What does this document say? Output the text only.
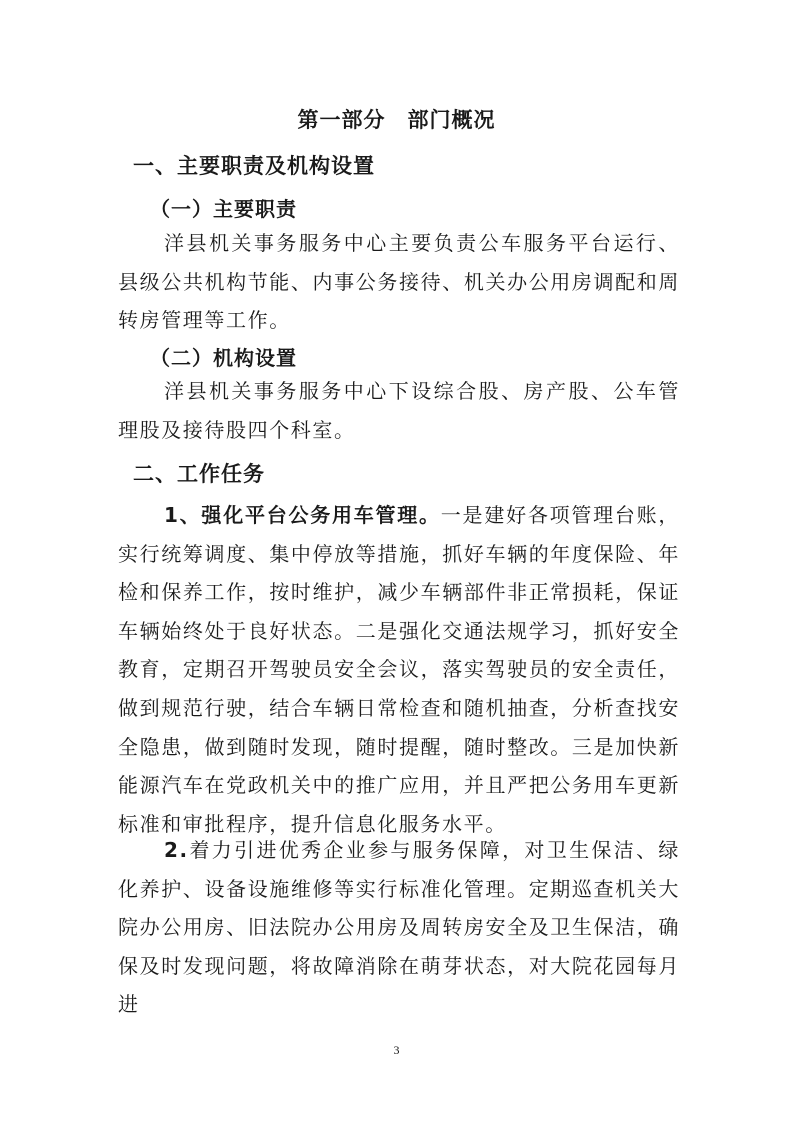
第一部分 部门概况
一、主要职责及机构设置
（一）主要职责
洋县机关事务服务中心主要负责公车服务平台运行、县级公共机构节能、内事公务接待、机关办公用房调配和周转房管理等工作。
（二）机构设置
洋县机关事务服务中心下设综合股、房产股、公车管理股及接待股四个科室。
二、工作任务
1、强化平台公务用车管理。一是建好各项管理台账，实行统筹调度、集中停放等措施，抓好车辆的年度保险、年检和保养工作，按时维护，减少车辆部件非正常损耗，保证车辆始终处于良好状态。二是强化交通法规学习，抓好安全教育，定期召开驾驶员安全会议，落实驾驶员的安全责任，做到规范行驶，结合车辆日常检查和随机抽查，分析查找安全隐患，做到随时发现，随时提醒，随时整改。三是加快新能源汽车在党政机关中的推广应用，并且严把公务用车更新标准和审批程序，提升信息化服务水平。
2.着力引进优秀企业参与服务保障，对卫生保洁、绿化养护、设备设施维修等实行标准化管理。定期巡查机关大院办公用房、旧法院办公用房及周转房安全及卫生保洁，确保及时发现问题，将故障消除在萌芽状态，对大院花园每月进
3
